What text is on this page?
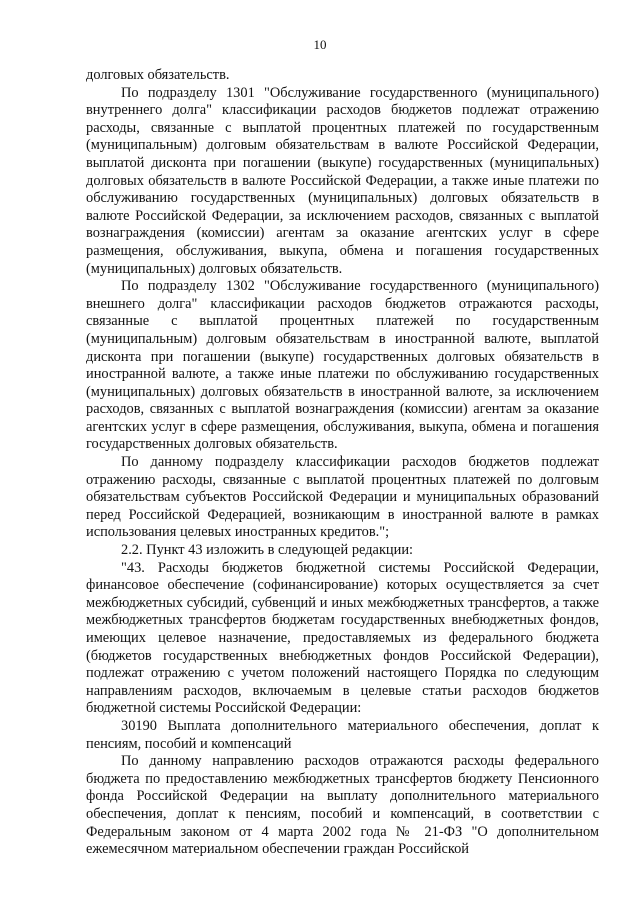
10

долговых обязательств.

По подразделу 1301 "Обслуживание государственного (муниципального) внутреннего долга" классификации расходов бюджетов подлежат отражению расходы, связанные с выплатой процентных платежей по государственным (муниципальным) долговым обязательствам в валюте Российской Федерации, выплатой дисконта при погашении (выкупе) государственных (муниципальных) долговых обязательств в валюте Российской Федерации, а также иные платежи по обслуживанию государственных (муниципальных) долговых обязательств в валюте Российской Федерации, за исключением расходов, связанных с выплатой вознаграждения (комиссии) агентам за оказание агентских услуг в сфере размещения, обслуживания, выкупа, обмена и погашения государственных (муниципальных) долговых обязательств.

По подразделу 1302 "Обслуживание государственного (муниципального) внешнего долга" классификации расходов бюджетов отражаются расходы, связанные с выплатой процентных платежей по государственным (муниципальным) долговым обязательствам в иностранной валюте, выплатой дисконта при погашении (выкупе) государственных долговых обязательств в иностранной валюте, а также иные платежи по обслуживанию государственных (муниципальных) долговых обязательств в иностранной валюте, за исключением расходов, связанных с выплатой вознаграждения (комиссии) агентам за оказание агентских услуг в сфере размещения, обслуживания, выкупа, обмена и погашения государственных долговых обязательств.

По данному подразделу классификации расходов бюджетов подлежат отражению расходы, связанные с выплатой процентных платежей по долговым обязательствам субъектов Российской Федерации и муниципальных образований перед Российской Федерацией, возникающим в иностранной валюте в рамках использования целевых иностранных кредитов.";

2.2. Пункт 43 изложить в следующей редакции:

"43. Расходы бюджетов бюджетной системы Российской Федерации, финансовое обеспечение (софинансирование) которых осуществляется за счет межбюджетных субсидий, субвенций и иных межбюджетных трансфертов, а также межбюджетных трансфертов бюджетам государственных внебюджетных фондов, имеющих целевое назначение, предоставляемых из федерального бюджета (бюджетов государственных внебюджетных фондов Российской Федерации), подлежат отражению с учетом положений настоящего Порядка по следующим направлениям расходов, включаемым в целевые статьи расходов бюджетов бюджетной системы Российской Федерации:

30190 Выплата дополнительного материального обеспечения, доплат к пенсиям, пособий и компенсаций

По данному направлению расходов отражаются расходы федерального бюджета по предоставлению межбюджетных трансфертов бюджету Пенсионного фонда Российской Федерации на выплату дополнительного материального обеспечения, доплат к пенсиям, пособий и компенсаций, в соответствии с Федеральным законом от 4 марта 2002 года № 21-ФЗ "О дополнительном ежемесячном материальном обеспечении граждан Российской
